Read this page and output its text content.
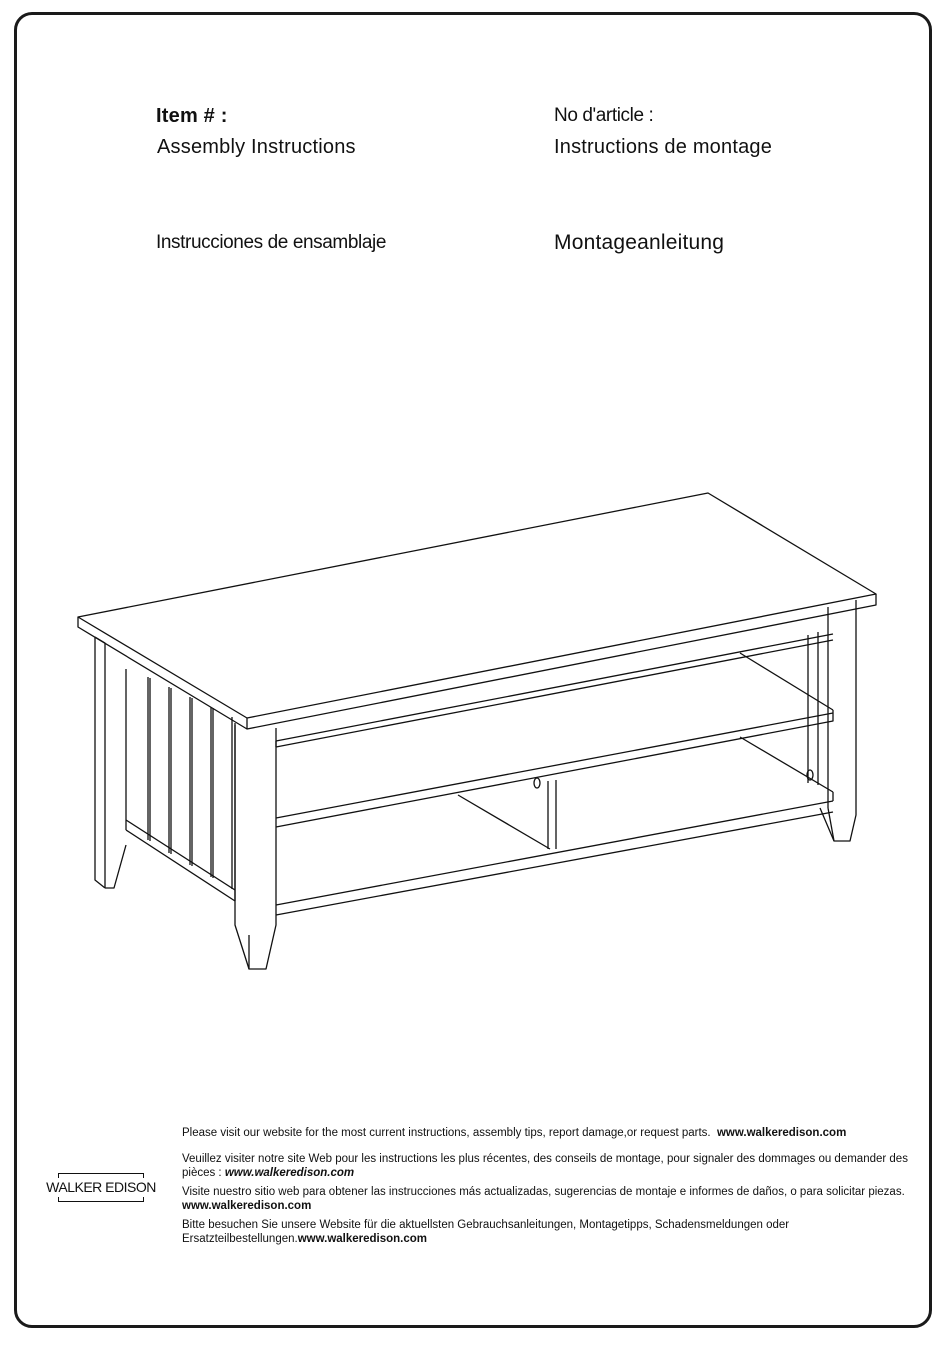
Item # :	No d'article :
Assembly Instructions	Instructions de montage
Instrucciones de ensamblaje	Montageanleitung
WALKER EDISON

Please visit our website for the most current instructions, assembly tips, report damage,or request parts. www.walkeredison.com

Veuillez visiter notre site Web pour les instructions les plus récentes, des conseils de montage, pour signaler des dommages ou demander des pièces : www.walkeredison.com

Visite nuestro sitio web para obtener las instrucciones más actualizadas, sugerencias de montaje e informes de daños, o para solicitar piezas. www.walkeredison.com

Bitte besuchen Sie unsere Website für die aktuellsten Gebrauchsanleitungen, Montagetipps, Schadensmeldungen oder Ersatzteilbestellungen.www.walkeredison.com
